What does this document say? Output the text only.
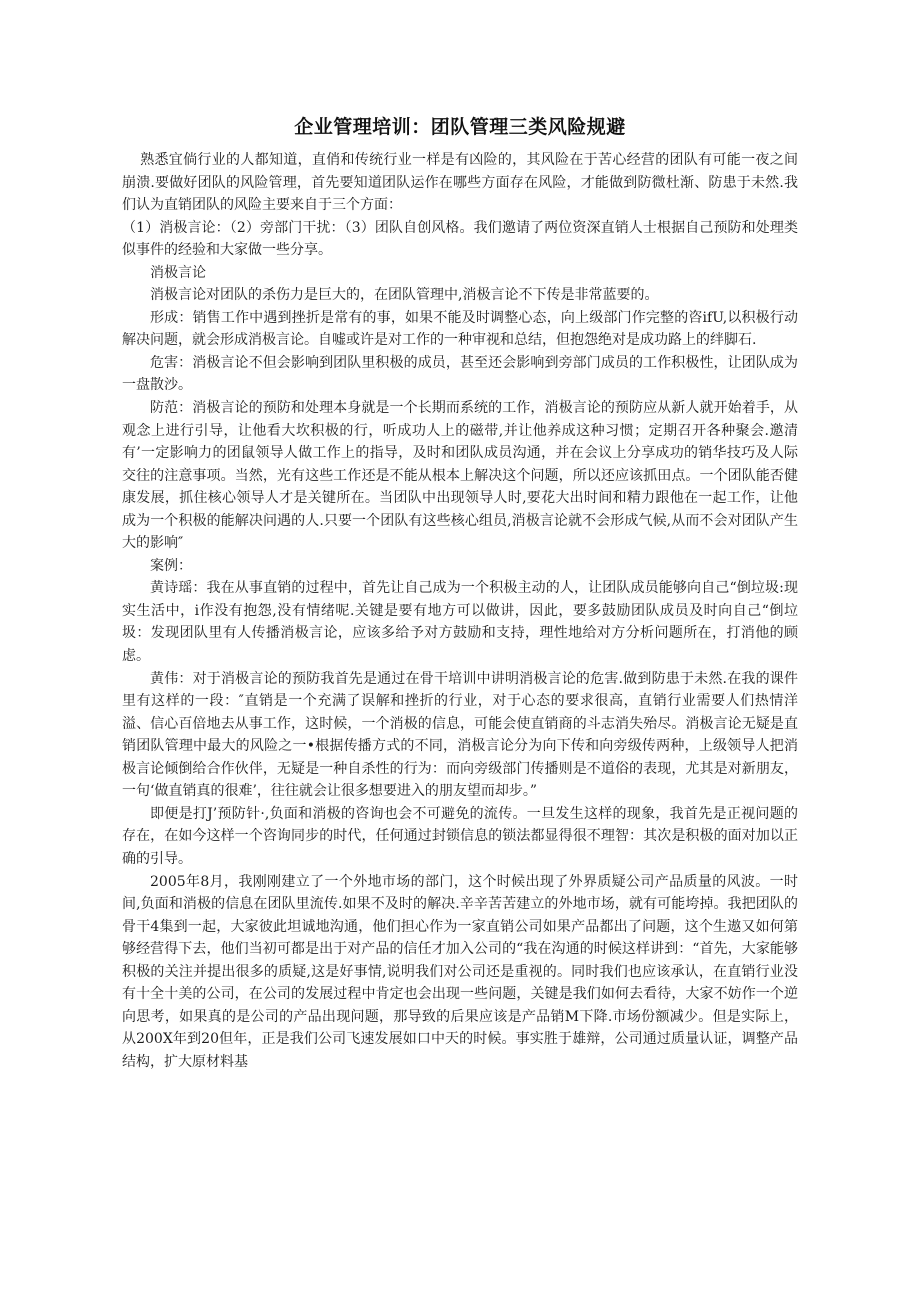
企业管理培训：团队管理三类风险规避

熟悉宜倘行业的人都知道，直俏和传统行业一样是有凶险的，其风险在于苦心经营的团队有可能一夜之间崩溃.要做好团队的风险管理，首先要知道团队运作在哪些方面存在风险，才能做到防微杜渐、防患于未然.我们认为直销团队的风险主要来自于三个方面：

（1）消极言论：（2）旁部门干扰：（3）团队自创风格。我们邀请了两位资深直销人士根据自己预防和处理类似事件的经验和大家做一些分享。

消极言论

消极言论对团队的杀伤力是巨大的，在团队管理中,消极言论不下传是非常蓝要的。

形成：销售工作中遇到挫折是常有的事，如果不能及时调整心态，向上级部门作完整的咨ifU,以积极行动解决问题，就会形成消极言论。自嘘或许是对工作的一种审视和总结，但抱怨绝对是成功路上的绊脚石.

危害：消极言论不但会影响到团队里积极的成员，甚至还会影响到旁部门成员的工作积极性，让团队成为一盘散沙。

防范：消极言论的预防和处理本身就是一个长期而系统的工作，消极言论的预防应从新人就开始着手，从观念上进行引导，让他看大坎积极的行，听成功人上的磁带,并让他养成这种习惯；定期召开各种聚会.邀清有’一定影响力的团鼠领导人做工作上的指导，及时和团队成员沟通，并在会议上分享成功的销华技巧及人际交往的注意事项。当然，光有这些工作还是不能从根本上解决这个问题，所以还应该抓田点。一个团队能否健康发展，抓住核心领导人才是关键所在。当团队中出现领导人时,要花大出时间和精力跟他在一起工作，让他成为一个积极的能解决问遇的人.只要一个团队有这些核心组员,消极言论就不会形成气候,从而不会对团队产生大的影响″

案例：

黄诗瑶：我在从事直销的过程中，首先让自己成为一个积极主动的人，让团队成员能够向自己“倒垃圾:现实生活中，i作没有抱怨,没有情绪呢.关键是要有地方可以做讲，因此，要多鼓励团队成员及时向自己“倒垃圾：发现团队里有人传播消极言论，应该多给予对方鼓励和支持，理性地给对方分析问题所在，打消他的顾虑。

黄伟：对于消极言论的预防我首先是通过在骨干培训中讲明消极言论的危害.做到防患于未然.在我的课件里有这样的一段：″直销是一个充满了误解和挫折的行业，对于心态的要求很高，直销行业需要人们热情洋溢、信心百倍地去从事工作，这时候，一个消极的信息，可能会使直销商的斗志消失殆尽。消极言论无疑是直销团队管理中最大的风险之一•根据传播方式的不同，消极言论分为向下传和向旁级传两种，上级领导人把消极言论倾倒给合作伙伴，无疑是一种自杀性的行为：而向旁级部门传播则是不道俗的表现，尤其是对新朋友，一句‘做直销真的很难’，往往就会让很多想要进入的朋友望而却步。”

即便是打J’预防针·,负面和消极的咨询也会不可避免的流传。一旦发生这样的现象，我首先是正视问题的存在，在如今这样一个咨询同步的时代，任何通过封锁信息的锁法都显得很不理智：其次是积极的面对加以正确的引导。

2005年8月，我刚刚建立了一个外地市场的部门，这个时候出现了外界质疑公司产品质量的风波。一时间,负面和消极的信息在团队里流传.如果不及时的解决.辛辛苦苦建立的外地市场，就有可能垮掉。我把团队的骨干4集到一起，大家彼此坦诚地沟通，他们担心作为一家直销公司如果产品都出了问题，这个生遨又如何第够经营得下去，他们当初可都是出于对产品的信任才加入公司的“我在沟通的时候这样讲到：“首先，大家能够积极的关注并提出很多的质疑,这是好事情,说明我们对公司还是重视的。同时我们也应该承认，在直销行业没有十全十美的公司，在公司的发展过程中肯定也会出现一些问题，关键是我们如何去看待，大家不妨作一个逆向思考，如果真的是公司的产品出现问题，那导致的后果应该是产品销M下降.市场份额减少。但是实际上，从200X年到20但年，正是我们公司飞速发展如口中天的时候。事实胜于雄辩，公司通过质量认证，调整产品结构，扩大原材料基
